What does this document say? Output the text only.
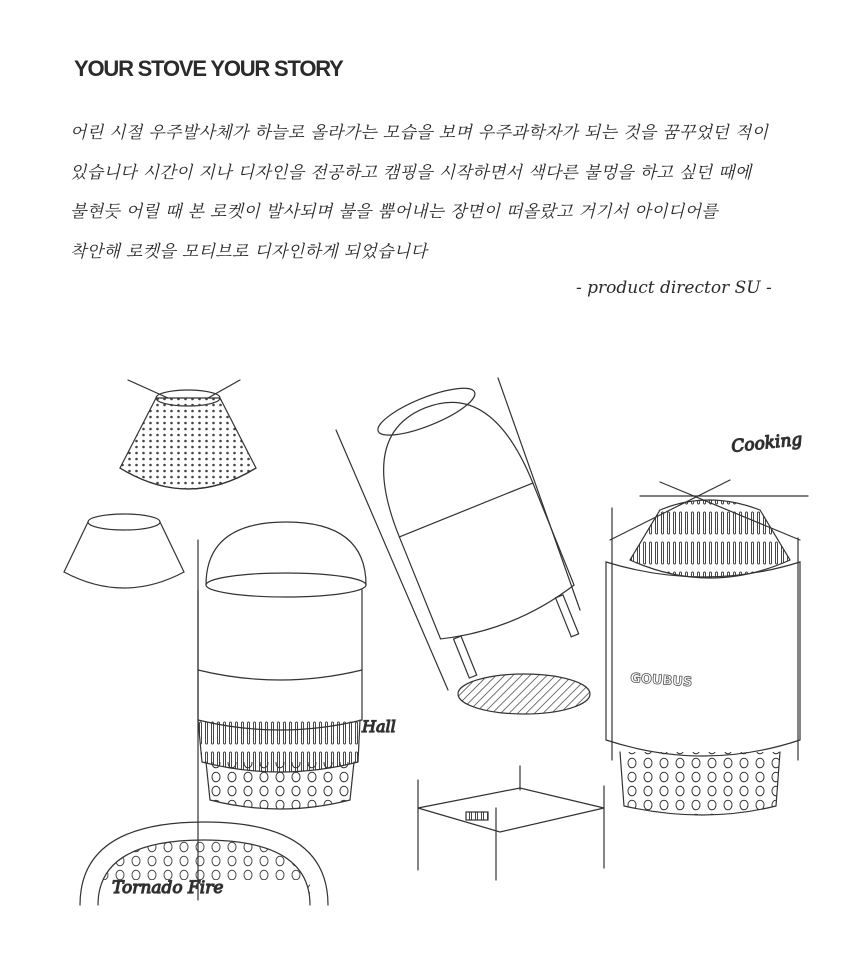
YOUR STOVE YOUR STORY

어린 시절 우주발사체가 하늘로 올라가는 모습을 보며 우주과학자가 되는 것을 꿈꾸었던 적이

있습니다 시간이 지나 디자인을 전공하고 캠핑을 시작하면서 색다른 불멍을 하고 싶던 때에

불현듯 어릴 때 본 로켓이 발사되며 불을 뿜어내는 장면이 떠올랐고 거기서 아이디어를

착안해 로켓을 모티브로 디자인하게 되었습니다

- product director SU -
Cooking
Hall
Tornado Fire
GOUBUS
